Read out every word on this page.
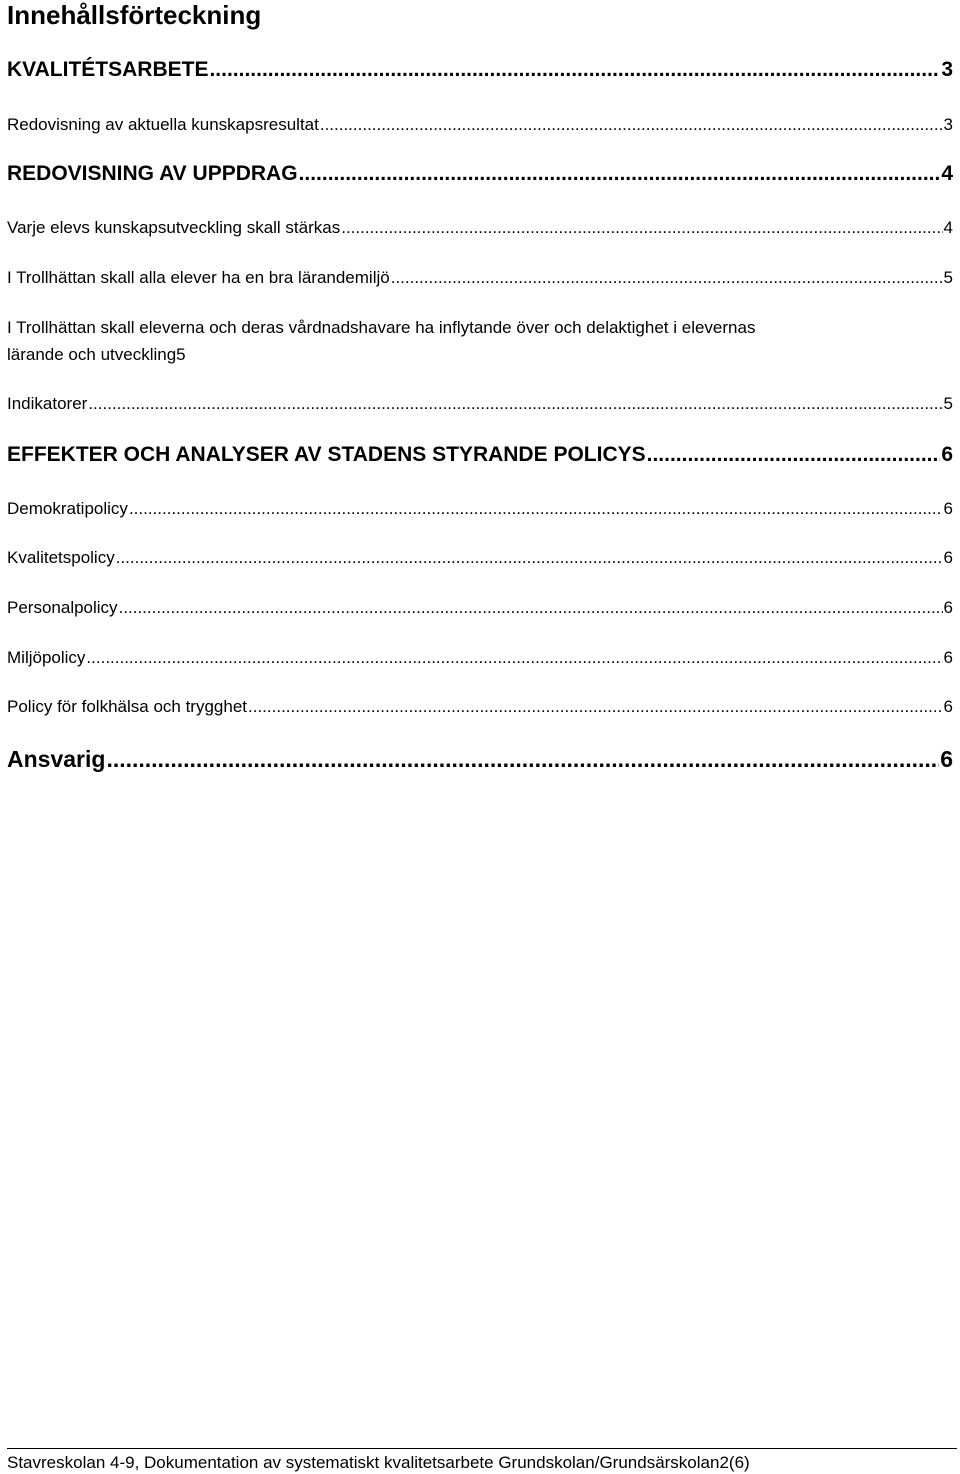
Innehållsförteckning
KVALITÉTSARBETE .....	3
Redovisning av aktuella kunskapsresultat .....	3
REDOVISNING AV UPPDRAG .....	4
Varje elevs kunskapsutveckling skall stärkas .....	4
I Trollhättan skall alla elever ha en bra lärandemiljö .....	5
I Trollhättan skall eleverna och deras vårdnadshavare ha inflytande över och delaktighet i elevernas
lärande och utveckling 5
Indikatorer .....	5
EFFEKTER OCH ANALYSER AV STADENS STYRANDE POLICYS .....	6
Demokratipolicy .....	6
Kvalitetspolicy .....	6
Personalpolicy .....	6
Miljöpolicy .....	6
Policy för folkhälsa och trygghet .....	6
Ansvarig .....	6
Stavreskolan 4-9, Dokumentation av systematiskt kvalitetsarbete Grundskolan/Grundsärskolan2(6)
